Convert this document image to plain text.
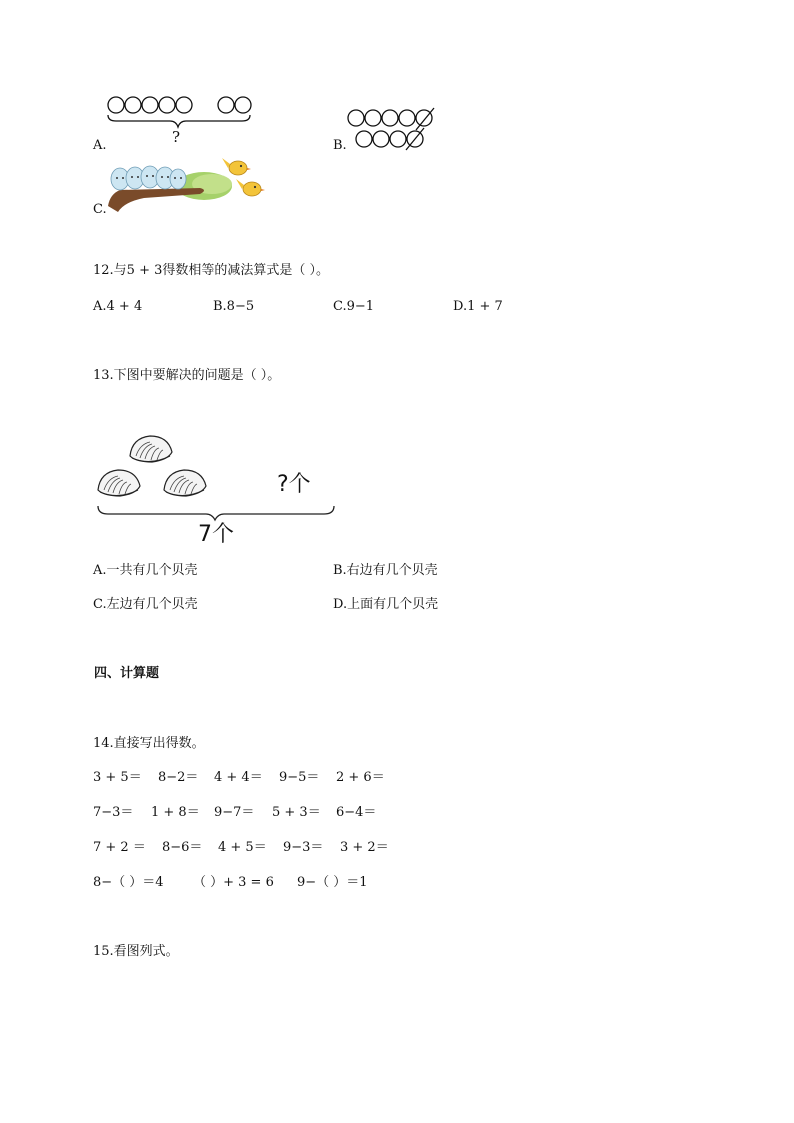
?
A.	B.
C.
12.与5 + 3得数相等的减法算式是（ ）。
A.4 + 4	B.8−5	C.9−1	D.1 + 7
13.下图中要解决的问题是（ ）。
?个
7个
A.一共有几个贝壳	B.右边有几个贝壳
C.左边有几个贝壳	D.上面有几个贝壳
四、计算题
14.直接写出得数。
3 + 5＝ 8−2＝ 4 + 4＝ 9−5＝ 2 + 6＝
7−3＝ 1 + 8＝ 9−7＝ 5 + 3＝ 6−4＝
7 + 2 ＝ 8−6＝ 4 + 5＝ 9−3＝ 3 + 2＝
8−（ ）＝4 （ ）+ 3 = 6 9−（ ）＝1
15.看图列式。
